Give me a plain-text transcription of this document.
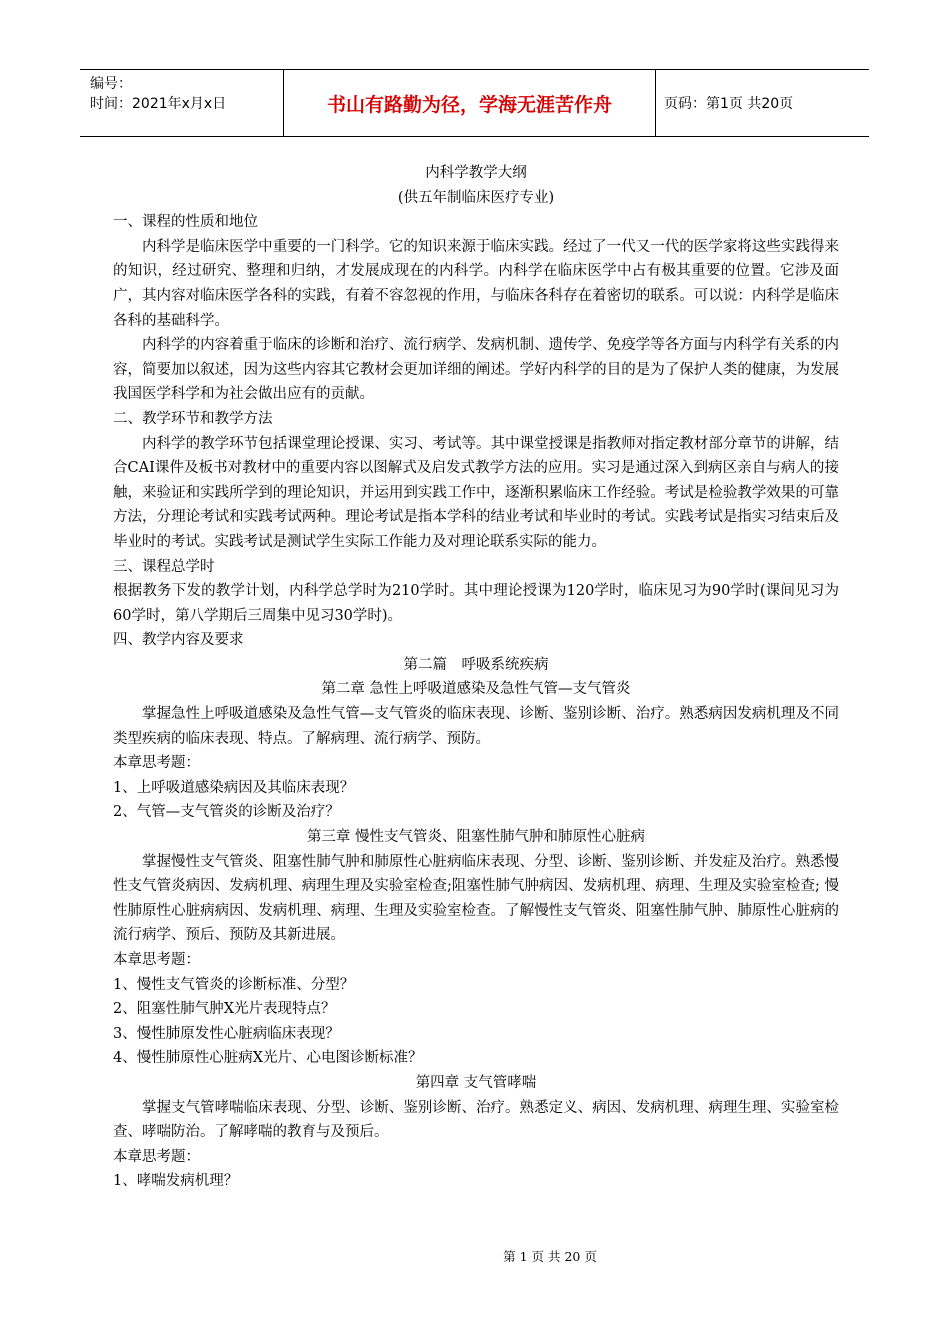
编号：
时间：2021年x月x日	书山有路勤为径，学海无涯苦作舟	页码：第1页 共20页

内科学教学大纲

(供五年制临床医疗专业)

一、课程的性质和地位

内科学是临床医学中重要的一门科学。它的知识来源于临床实践。经过了一代又一代的医学家将这些实践得来的知识，经过研究、整理和归纳，才发展成现在的内科学。内科学在临床医学中占有极其重要的位置。它涉及面广，其内容对临床医学各科的实践，有着不容忽视的作用，与临床各科存在着密切的联系。可以说：内科学是临床各科的基础科学。

内科学的内容着重于临床的诊断和治疗、流行病学、发病机制、遗传学、免疫学等各方面与内科学有关系的内容，简要加以叙述，因为这些内容其它教材会更加详细的阐述。学好内科学的目的是为了保护人类的健康，为发展我国医学科学和为社会做出应有的贡献。

二、教学环节和教学方法

内科学的教学环节包括课堂理论授课、实习、考试等。其中课堂授课是指教师对指定教材部分章节的讲解，结合CAI课件及板书对教材中的重要内容以图解式及启发式教学方法的应用。实习是通过深入到病区亲自与病人的接触，来验证和实践所学到的理论知识，并运用到实践工作中，逐渐积累临床工作经验。考试是检验教学效果的可靠方法，分理论考试和实践考试两种。理论考试是指本学科的结业考试和毕业时的考试。实践考试是指实习结束后及毕业时的考试。实践考试是测试学生实际工作能力及对理论联系实际的能力。

三、课程总学时

根据教务下发的教学计划，内科学总学时为210学时。其中理论授课为120学时，临床见习为90学时(课间见习为60学时，第八学期后三周集中见习30学时)。

四、教学内容及要求

第二篇　呼吸系统疾病

第二章 急性上呼吸道感染及急性气管—支气管炎

掌握急性上呼吸道感染及急性气管—支气管炎的临床表现、诊断、鉴别诊断、治疗。熟悉病因发病机理及不同类型疾病的临床表现、特点。了解病理、流行病学、预防。

本章思考题：

1、上呼吸道感染病因及其临床表现？

2、气管—支气管炎的诊断及治疗？

第三章 慢性支气管炎、阻塞性肺气肿和肺原性心脏病

掌握慢性支气管炎、阻塞性肺气肿和肺原性心脏病临床表现、分型、诊断、鉴别诊断、并发症及治疗。熟悉慢性支气管炎病因、发病机理、病理生理及实验室检查;阻塞性肺气肿病因、发病机理、病理、生理及实验室检查; 慢性肺原性心脏病病因、发病机理、病理、生理及实验室检查。了解慢性支气管炎、阻塞性肺气肿、肺原性心脏病的流行病学、预后、预防及其新进展。

本章思考题：

1、慢性支气管炎的诊断标准、分型？

2、阻塞性肺气肿X光片表现特点？

3、慢性肺原发性心脏病临床表现？

4、慢性肺原性心脏病X光片、心电图诊断标准？

第四章 支气管哮喘

掌握支气管哮喘临床表现、分型、诊断、鉴别诊断、治疗。熟悉定义、病因、发病机理、病理生理、实验室检查、哮喘防治。了解哮喘的教育与及预后。

本章思考题：

1、哮喘发病机理？

第 1 页 共 20 页
